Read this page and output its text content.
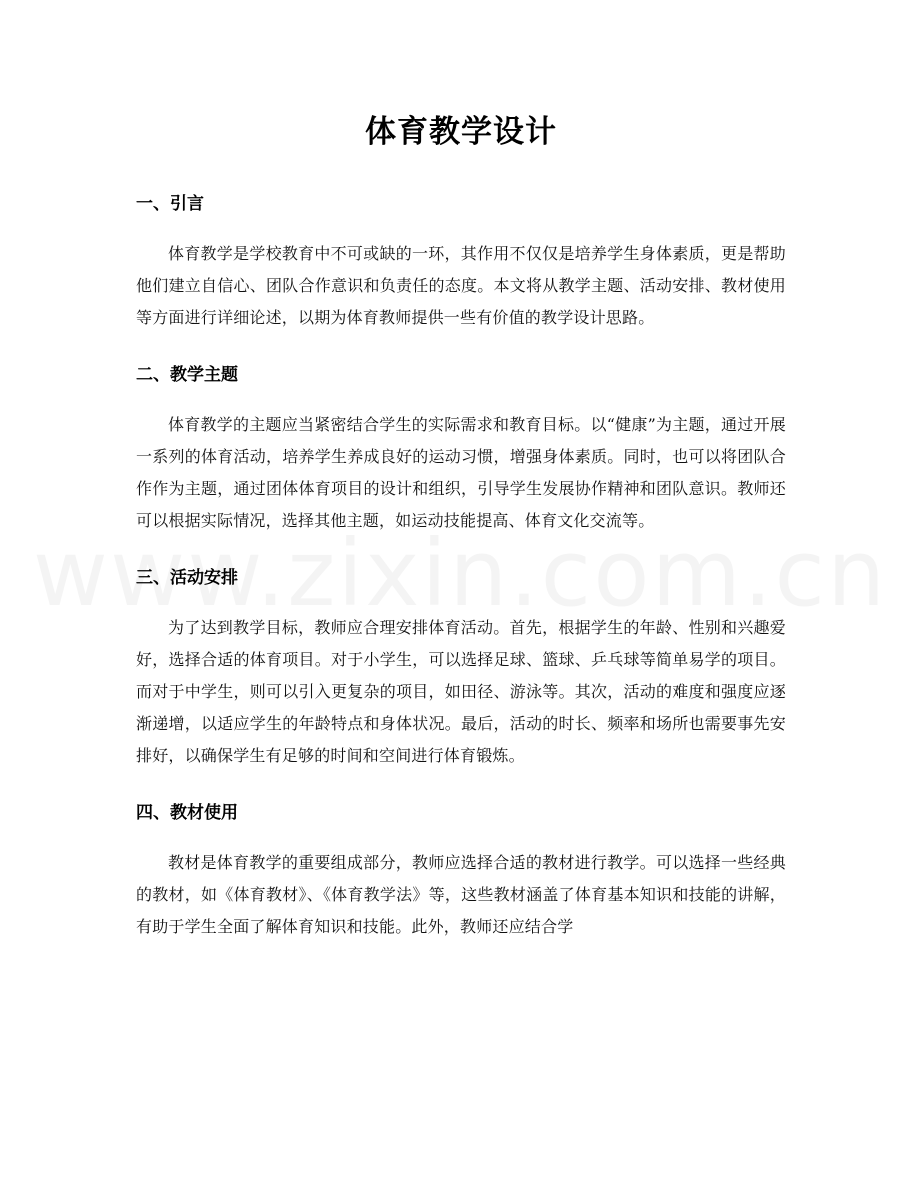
体育教学设计
一、引言

体育教学是学校教育中不可或缺的一环，其作用不仅仅是培养学生身体素质，更是帮助他们建立自信心、团队合作意识和负责任的态度。本文将从教学主题、活动安排、教材使用等方面进行详细论述，以期为体育教师提供一些有价值的教学设计思路。

二、教学主题

体育教学的主题应当紧密结合学生的实际需求和教育目标。以“健康”为主题，通过开展一系列的体育活动，培养学生养成良好的运动习惯，增强身体素质。同时，也可以将团队合作作为主题，通过团体体育项目的设计和组织，引导学生发展协作精神和团队意识。教师还可以根据实际情况，选择其他主题，如运动技能提高、体育文化交流等。

三、活动安排

为了达到教学目标，教师应合理安排体育活动。首先，根据学生的年龄、性别和兴趣爱好，选择合适的体育项目。对于小学生，可以选择足球、篮球、乒乓球等简单易学的项目。而对于中学生，则可以引入更复杂的项目，如田径、游泳等。其次，活动的难度和强度应逐渐递增，以适应学生的年龄特点和身体状况。最后，活动的时长、频率和场所也需要事先安排好，以确保学生有足够的时间和空间进行体育锻炼。

四、教材使用

教材是体育教学的重要组成部分，教师应选择合适的教材进行教学。可以选择一些经典的教材，如《体育教材》、《体育教学法》等，这些教材涵盖了体育基本知识和技能的讲解，有助于学生全面了解体育知识和技能。此外，教师还应结合学
